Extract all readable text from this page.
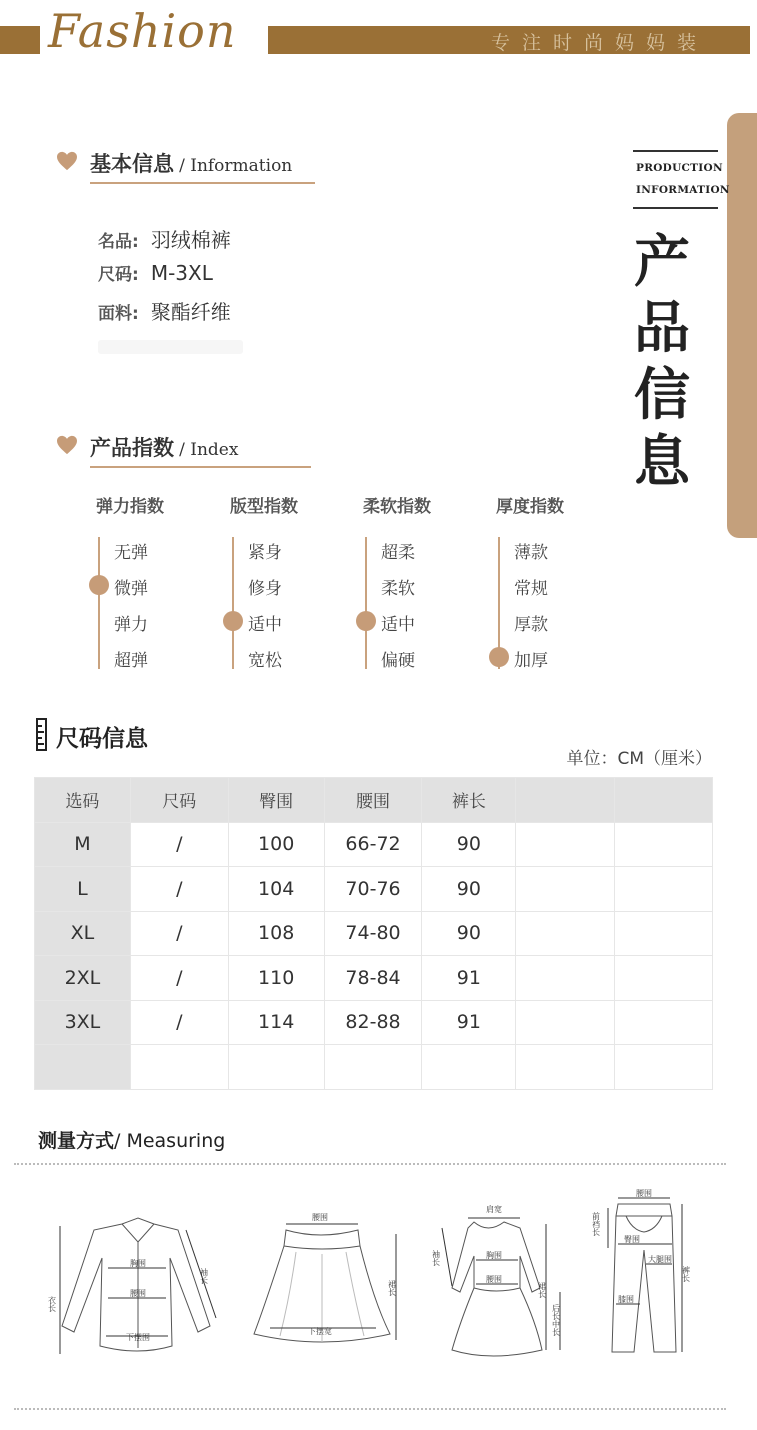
Fashion	专注时尚妈妈装
PRODUCTION
INFORMATION
产
品
信
息
基本信息 / Information
名品: 羽绒棉裤
尺码: M-3XL
面料: 聚酯纤维
产品指数 / Index
弹力指数
无弹
微弹
弹力
超弹
版型指数
紧身
修身
适中
宽松
柔软指数
超柔
柔软
适中
偏硬
厚度指数
薄款
常规
厚款
加厚
尺码信息
单位：CM（厘米）
选码	尺码	臀围	腰围	裤长		
M	/	100	66-72	90		
L	/	104	70-76	90		
XL	/	108	74-80	90		
2XL	/	110	78-84	91		
3XL	/	114	82-88	91		

测量方式/ Measuring
胸围
腰围
下摆围
衣长
袖长
腰围
下摆宽
裙长
肩宽
胸围
腰围
袖长
裙长
后长中长
腰围
臀围
大腿围
膝围
前裆长
裤长
